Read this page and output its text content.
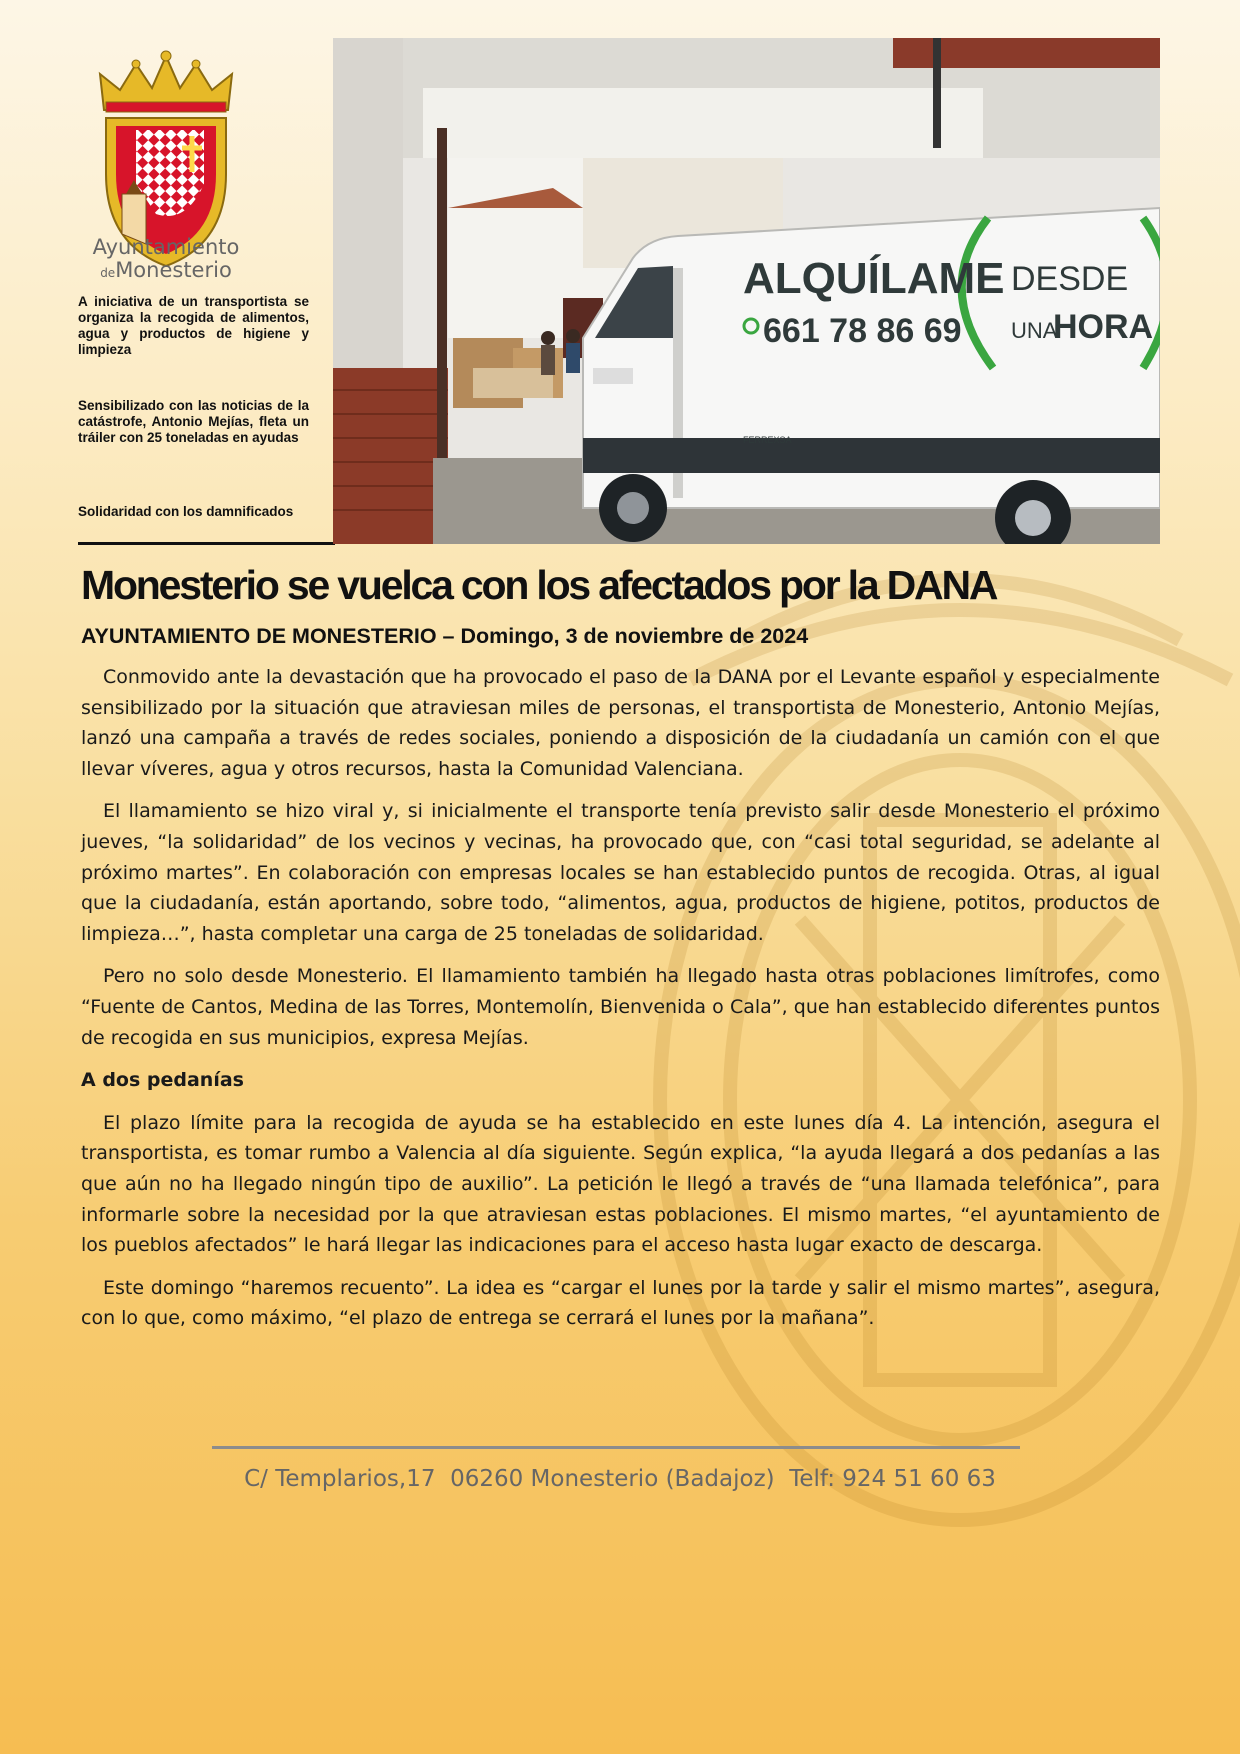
Ayuntamiento
deMonesterio
A iniciativa de un transportista se organiza la recogida de alimentos, agua y productos de higiene y limpieza
Sensibilizado con las noticias de la catástrofe, Antonio Mejías, fleta un tráiler con 25 toneladas en ayudas
Solidaridad con los damnificados
FERREXSA
ALQUÍLAME
661 78 86 69
DESDE
UNA
HORA
Monesterio se vuelca con los afectados por la DANA
AYUNTAMIENTO DE MONESTERIO – Domingo, 3 de noviembre de 2024

Conmovido ante la devastación que ha provocado el paso de la DANA por el Levante español y especialmente sensibilizado por la situación que atraviesan miles de personas, el transportista de Monesterio, Antonio Mejías, lanzó una campaña a través de redes sociales, poniendo a disposición de la ciudadanía un camión con el que llevar víveres, agua y otros recursos, hasta la Comunidad Valenciana.

El llamamiento se hizo viral y, si inicialmente el transporte tenía previsto salir desde Monesterio el próximo jueves, “la solidaridad” de los vecinos y vecinas, ha provocado que, con “casi total seguridad, se adelante al próximo martes”. En colaboración con empresas locales se han establecido puntos de recogida. Otras, al igual que la ciudadanía, están aportando, sobre todo, “alimentos, agua, productos de higiene, potitos, productos de limpieza…”, hasta completar una carga de 25 toneladas de solidaridad.

Pero no solo desde Monesterio. El llamamiento también ha llegado hasta otras poblaciones limítrofes, como “Fuente de Cantos, Medina de las Torres, Montemolín, Bienvenida o Cala”, que han establecido diferentes puntos de recogida en sus municipios, expresa Mejías.

A dos pedanías

El plazo límite para la recogida de ayuda se ha establecido en este lunes día 4. La intención, asegura el transportista, es tomar rumbo a Valencia al día siguiente. Según explica, “la ayuda llegará a dos pedanías a las que aún no ha llegado ningún tipo de auxilio”. La petición le llegó a través de “una llamada telefónica”, para informarle sobre la necesidad por la que atraviesan estas poblaciones. El mismo martes, “el ayuntamiento de los pueblos afectados” le hará llegar las indicaciones para el acceso hasta lugar exacto de descarga.

Este domingo “haremos recuento”. La idea es “cargar el lunes por la tarde y salir el mismo martes”, asegura, con lo que, como máximo, “el plazo de entrega se cerrará el lunes por la mañana”.

C/ Templarios,17  06260 Monesterio (Badajoz)  Telf: 924 51 60 63
